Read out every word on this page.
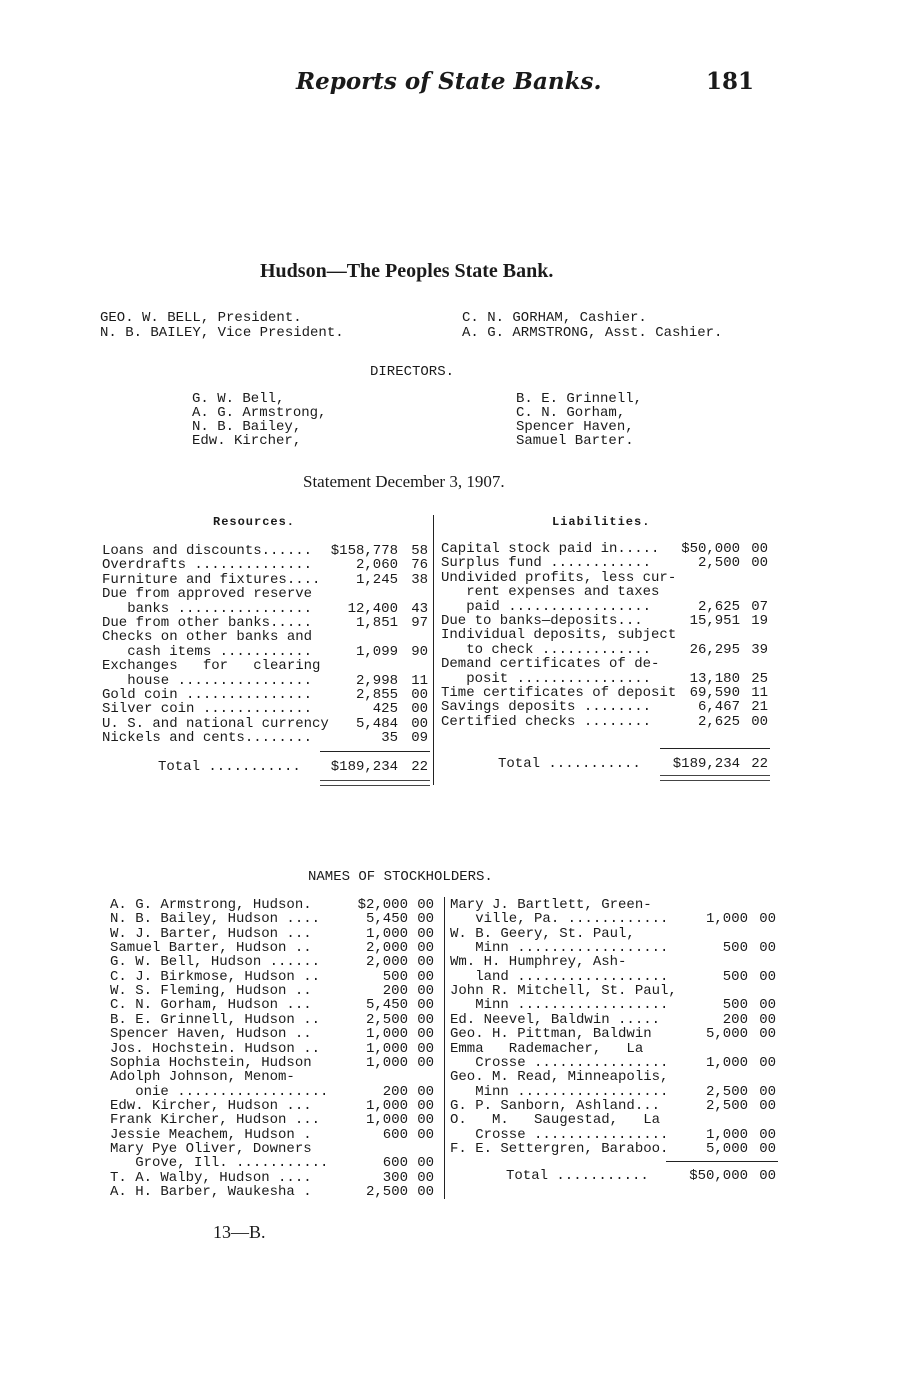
Reports of State Banks.	181
Hudson—The Peoples State Bank.
GEO. W. BELL, President.
N. B. BAILEY, Vice President.
C. N. GORHAM, Cashier.
A. G. ARMSTRONG, Asst. Cashier.
DIRECTORS.
G. W. Bell,
A. G. Armstrong,
N. B. Bailey,
Edw. Kircher,
B. E. Grinnell,
C. N. Gorham,
Spencer Haven,
Samuel Barter.
Statement December 3, 1907.
Resources.	Liabilities.
NAMES OF STOCKHOLDERS.
13—B.
Loans and discounts......	$158,778 58
Overdrafts ..............	2,060 76
Furniture and fixtures....	1,245 38
Due from approved reserve
banks ................	12,400 43
Due from other banks.....	1,851 97
Checks on other banks and
cash items ...........	1,099 90
Exchanges   for   clearing
house ................	2,998 11
Gold coin ...............	2,855 00
Silver coin .............	425 00
U. S. and national currency	5,484 00
Nickels and cents........	35 09
Total ...........	$189,234 22
Capital stock paid in.....	$50,000 00
Surplus fund ............	2,500 00
Undivided profits, less cur-
rent expenses and taxes
paid .................	2,625 07
Due to banks—deposits...	15,951 19
Individual deposits, subject
to check .............	26,295 39
Demand certificates of de-
posit ................	13,180 25
Time certificates of deposit 69,590 11
Savings deposits ........	6,467 21
Certified checks ........	2,625 00
Total ...........	$189,234 22
A. G. Armstrong, Hudson.	$2,000 00
N. B. Bailey, Hudson ....	5,450 00
W. J. Barter, Hudson ...	1,000 00
Samuel Barter, Hudson ..	2,000 00
G. W. Bell, Hudson ......	2,000 00
C. J. Birkmose, Hudson ..	500 00
W. S. Fleming, Hudson ..	200 00
C. N. Gorham, Hudson ...	5,450 00
B. E. Grinnell, Hudson ..	2,500 00
Spencer Haven, Hudson ..	1,000 00
Jos. Hochstein. Hudson ..	1,000 00
Sophia Hochstein, Hudson	1,000 00
Adolph Johnson, Menom-
onie ..................	200 00
Edw. Kircher, Hudson ...	1,000 00
Frank Kircher, Hudson ...	1,000 00
Jessie Meachem, Hudson .	600 00
Mary Pye Oliver, Downers
Grove, Ill. ...........	600 00
T. A. Walby, Hudson ....	300 00
A. H. Barber, Waukesha .	2,500 00
Mary J. Bartlett, Green-
ville, Pa. ............	1,000 00
W. B. Geery, St. Paul,
Minn ..................	500 00
Wm. H. Humphrey, Ash-
land ..................	500 00
John R. Mitchell, St. Paul,
Minn ..................	500 00
Ed. Neevel, Baldwin .....	200 00
Geo. H. Pittman, Baldwin	5,000 00
Emma   Rademacher,   La
Crosse ................	1,000 00
Geo. M. Read, Minneapolis,
Minn ..................	2,500 00
G. P. Sanborn, Ashland...	2,500 00
O.   M.   Saugestad,   La
Crosse ................	1,000 00
F. E. Settergren, Baraboo.	5,000 00
Total ...........	$50,000 00
